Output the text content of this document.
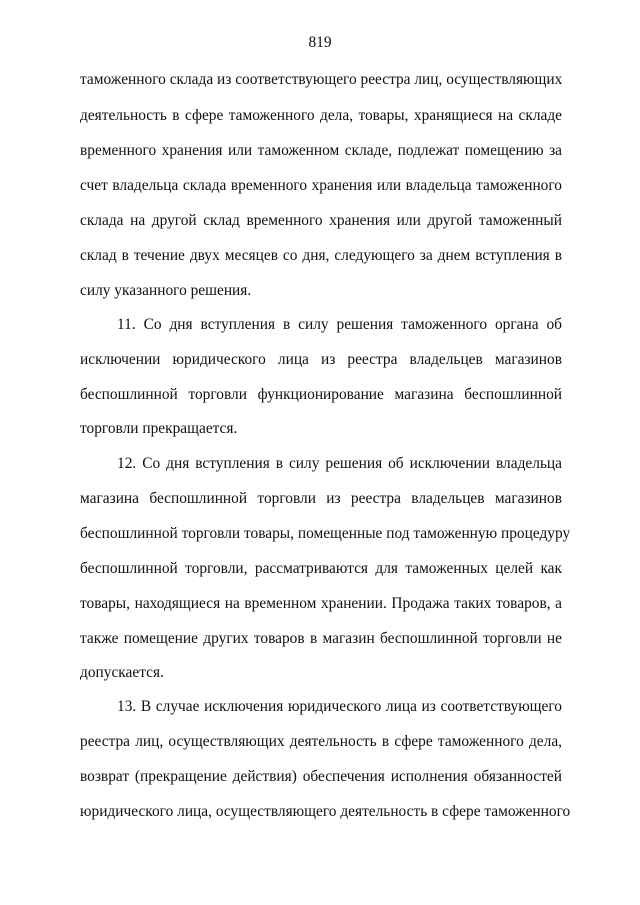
819
таможенного склада из соответствующего реестра лиц, осуществляющих
деятельность в сфере таможенного дела, товары, хранящиеся на складе
временного хранения или таможенном складе, подлежат помещению за
счет владельца склада временного хранения или владельца таможенного
склада на другой склад временного хранения или другой таможенный
склад в течение двух месяцев со дня, следующего за днем вступления в
силу указанного решения.
11. Со дня вступления в силу решения таможенного органа об
исключении юридического лица из реестра владельцев магазинов
беспошлинной торговли функционирование магазина беспошлинной
торговли прекращается.
12. Со дня вступления в силу решения об исключении владельца
магазина беспошлинной торговли из реестра владельцев магазинов
беспошлинной торговли товары, помещенные под таможенную процедуру
беспошлинной торговли, рассматриваются для таможенных целей как
товары, находящиеся на временном хранении. Продажа таких товаров, а
также помещение других товаров в магазин беспошлинной торговли не
допускается.
13. В случае исключения юридического лица из соответствующего
реестра лиц, осуществляющих деятельность в сфере таможенного дела,
возврат (прекращение действия) обеспечения исполнения обязанностей
юридического лица, осуществляющего деятельность в сфере таможенного
